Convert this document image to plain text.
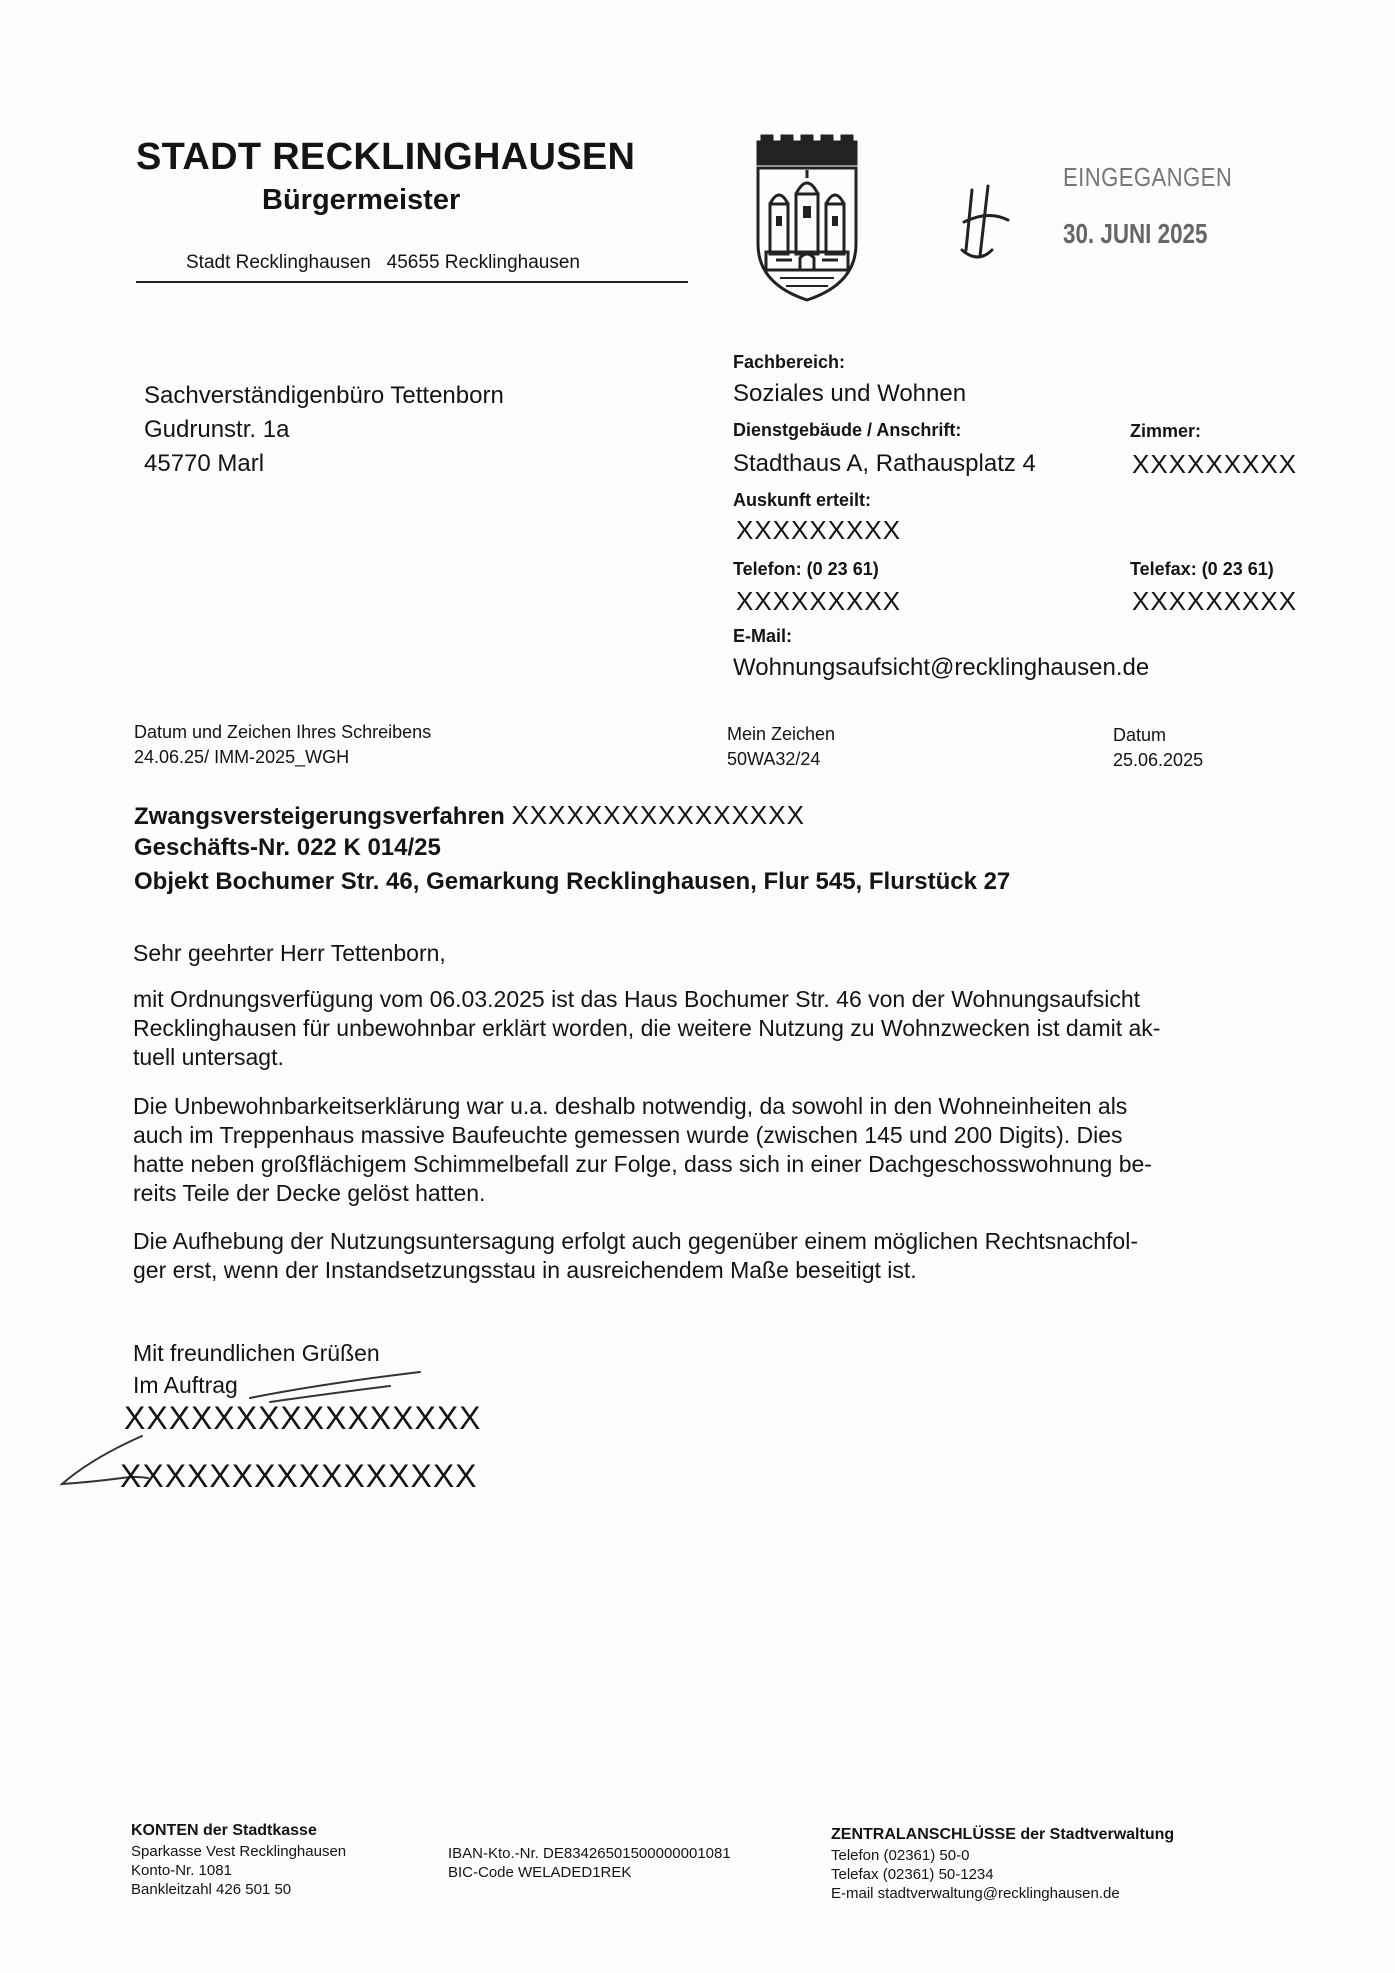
STADT RECKLINGHAUSEN
Bürgermeister
Stadt Recklinghausen   45655 Recklinghausen
EINGEGANGEN
30. JUNI 2025
Sachverständigenbüro Tettenborn
Gudrunstr. 1a
45770 Marl
Fachbereich:
Soziales und Wohnen
Dienstgebäude / Anschrift:
Stadthaus A, Rathausplatz 4
Zimmer:
XXXXXXXXX
Auskunft erteilt:
XXXXXXXXX
Telefon: (0 23 61)
XXXXXXXXX
Telefax: (0 23 61)
XXXXXXXXX
E-Mail:
Wohnungsaufsicht@recklinghausen.de
Datum und Zeichen Ihres Schreibens
24.06.25/ IMM-2025_WGH
Mein Zeichen
50WA32/24
Datum
25.06.2025
Zwangsversteigerungsverfahren XXXXXXXXXXXXXXXX
Geschäfts-Nr. 022 K 014/25
Objekt Bochumer Str. 46, Gemarkung Recklinghausen, Flur 545, Flurstück 27
Sehr geehrter Herr Tettenborn,
mit Ordnungsverfügung vom 06.03.2025 ist das Haus Bochumer Str. 46 von der Wohnungsaufsicht
Recklinghausen für unbewohnbar erklärt worden, die weitere Nutzung zu Wohnzwecken ist damit ak-
tuell untersagt.
Die Unbewohnbarkeitserklärung war u.a. deshalb notwendig, da sowohl in den Wohneinheiten als
auch im Treppenhaus massive Baufeuchte gemessen wurde (zwischen 145 und 200 Digits). Dies
hatte neben großflächigem Schimmelbefall zur Folge, dass sich in einer Dachgeschosswohnung be-
reits Teile der Decke gelöst hatten.
Die Aufhebung der Nutzungsuntersagung erfolgt auch gegenüber einem möglichen Rechtsnachfol-
ger erst, wenn der Instandsetzungsstau in ausreichendem Maße beseitigt ist.
Mit freundlichen Grüßen
Im Auftrag
XXXXXXXXXXXXXXXX
XXXXXXXXXXXXXXXX
KONTEN der Stadtkasse
Sparkasse Vest Recklinghausen
Konto-Nr. 1081
Bankleitzahl 426 501 50
IBAN-Kto.-Nr. DE83426501500000001081
BIC-Code WELADED1REK
ZENTRALANSCHLÜSSE der Stadtverwaltung
Telefon (02361) 50-0
Telefax (02361) 50-1234
E-mail stadtverwaltung@recklinghausen.de
